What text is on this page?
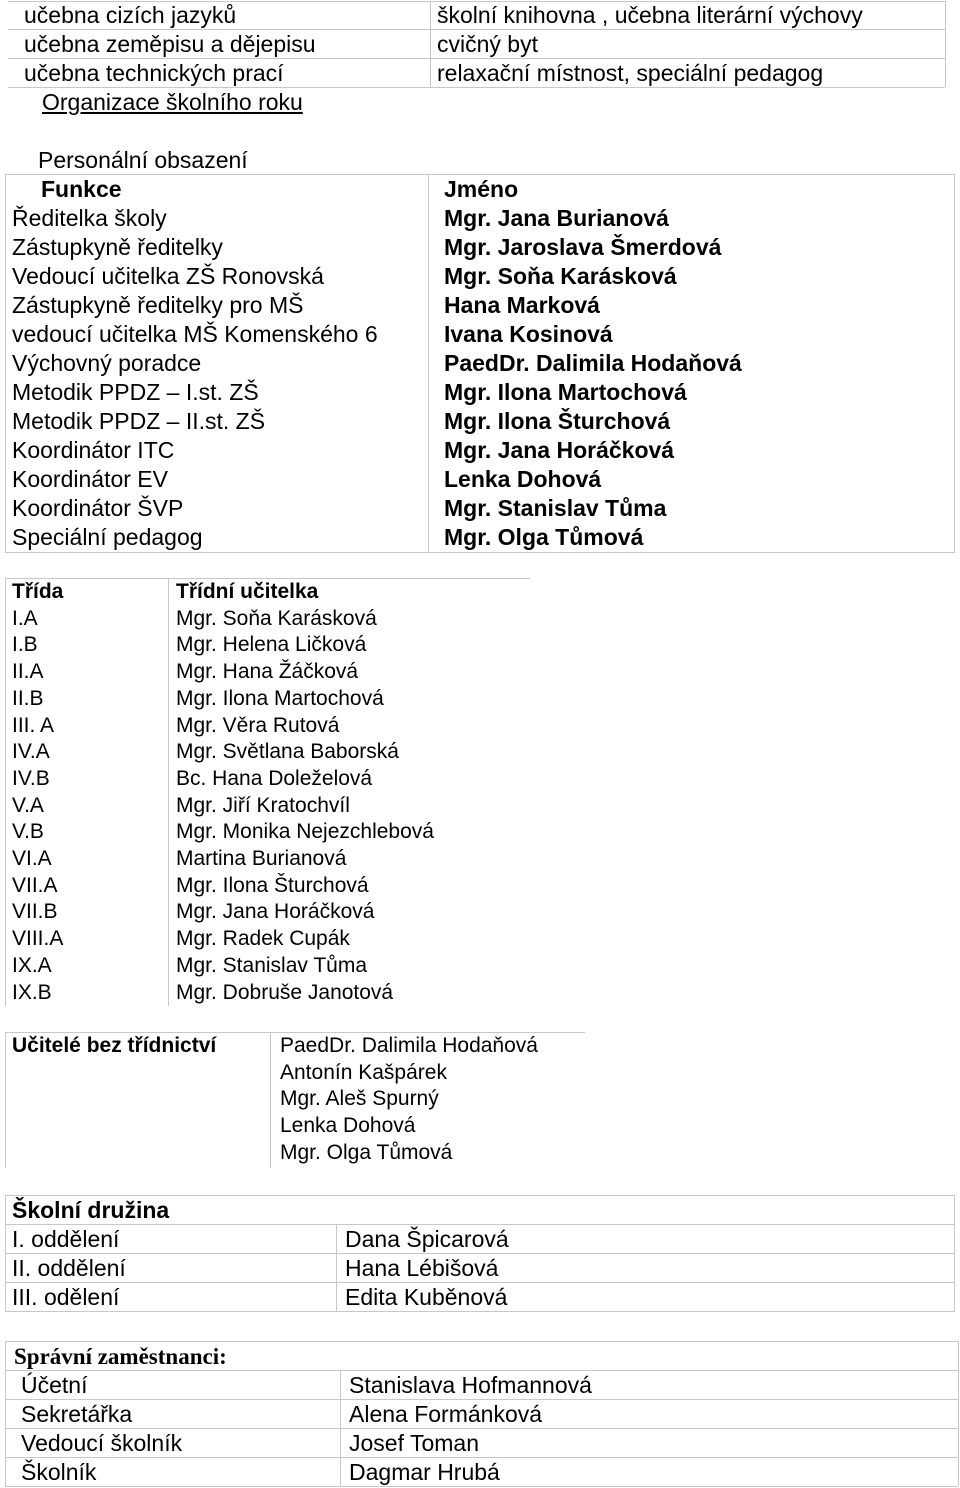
učebna cizích jazyků
učebna zeměpisu a dějepisu
učebna technických prací
školní knihovna , učebna literární výchovy
cvičný byt
relaxační místnost, speciální pedagog
Organizace školního roku
Personální obsazení
Funkce
Ředitelka školy
Zástupkyně ředitelky
Vedoucí učitelka ZŠ Ronovská
Zástupkyně ředitelky pro MŠ
vedoucí učitelka MŠ Komenského 6
Výchovný poradce
Metodik PPDZ – I.st. ZŠ
Metodik PPDZ – II.st. ZŠ
Koordinátor ITC
Koordinátor EV
Koordinátor ŠVP
Speciální pedagog
Jméno
Mgr. Jana Burianová
Mgr. Jaroslava Šmerdová
Mgr. Soňa Karásková
Hana Marková
Ivana Kosinová
PaedDr. Dalimila Hodaňová
Mgr. Ilona Martochová
Mgr. Ilona Šturchová
Mgr. Jana Horáčková
Lenka Dohová
Mgr. Stanislav Tůma
Mgr. Olga Tůmová
Třída
I.A
I.B
II.A
II.B
III. A
IV.A
IV.B
V.A
V.B
VI.A
VII.A
VII.B
VIII.A
IX.A
IX.B
Třídní učitelka
Mgr. Soňa Karásková
Mgr. Helena Ličková
Mgr. Hana Žáčková
Mgr. Ilona Martochová
Mgr. Věra Rutová
Mgr. Světlana Baborská
Bc. Hana Doleželová
Mgr. Jiří Kratochvíl
Mgr. Monika Nejezchlebová
Martina Burianová
Mgr. Ilona Šturchová
Mgr. Jana Horáčková
Mgr. Radek Cupák
Mgr. Stanislav Tůma
Mgr. Dobruše Janotová
Učitelé bez třídnictví	PaedDr. Dalimila Hodaňová
Antonín Kašpárek
Mgr. Aleš Spurný
Lenka Dohová
Mgr. Olga Tůmová
Školní družina
I. oddělení
II. oddělení
III. odělení
Dana Špicarová
Hana Lébišová
Edita Kuběnová
Správní zaměstnanci:
Účetní
Sekretářka
Vedoucí školník
Školník
Stanislava Hofmannová
Alena Formánková
Josef Toman
Dagmar Hrubá
